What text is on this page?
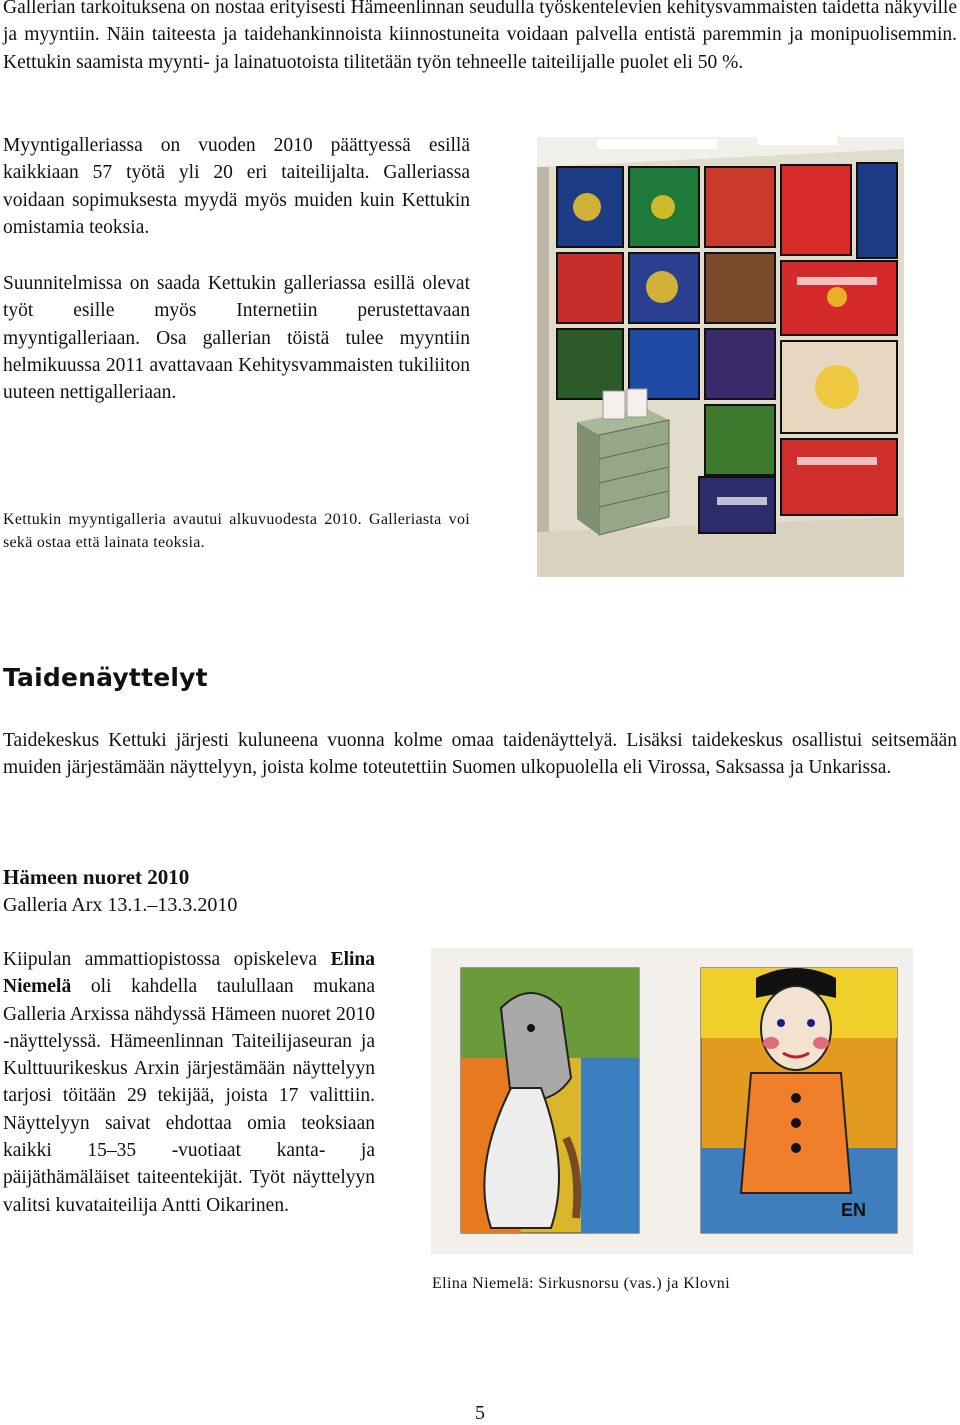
Gallerian tarkoituksena on nostaa erityisesti Hämeenlinnan seudulla työskentelevien kehitysvammaisten taidetta näkyville ja myyntiin. Näin taiteesta ja taidehankinnoista kiinnostuneita voidaan palvella entistä paremmin ja monipuolisemmin. Kettukin saamista myynti- ja lainatuotoista tilitetään työn tehneelle taiteilijalle puolet eli 50 %.
Myyntigalleriassa on vuoden 2010 päättyessä esillä kaikkiaan 57 työtä yli 20 eri taiteilijalta. Galleriassa voidaan sopimuksesta myydä myös muiden kuin Kettukin omistamia teoksia.
Suunnitelmissa on saada Kettukin galleriassa esillä olevat työt esille myös Internetiin perustettavaan myyntigalleriaan. Osa gallerian töistä tulee myyntiin helmikuussa 2011 avattavaan Kehitysvammaisten tukiliiton uuteen nettigalleriaan.
Kettukin myyntigalleria avautui alkuvuodesta 2010. Galleriasta voi sekä ostaa että lainata teoksia.
Taidenäyttelyt
Taidekeskus Kettuki järjesti kuluneena vuonna kolme omaa taidenäyttelyä. Lisäksi taidekeskus osallistui seitsemään muiden järjestämään näyttelyyn, joista kolme toteutettiin Suomen ulkopuolella eli Virossa, Saksassa ja Unkarissa.
Hämeen nuoret 2010
Galleria Arx 13.1.–13.3.2010
Kiipulan ammattiopistossa opiskeleva Elina Niemelä oli kahdella taulullaan mukana Galleria Arxissa nähdyssä Hämeen nuoret 2010 -näyttelyssä. Hämeenlinnan Taiteilijaseuran ja Kulttuurikeskus Arxin järjestämään näyttelyyn tarjosi töitään 29 tekijää, joista 17 valittiin. Näyttelyyn saivat ehdottaa omia teoksiaan kaikki 15–35 -vuotiaat kanta- ja päijäthämäläiset taiteentekijät. Työt näyttelyyn valitsi kuvataiteilija Antti Oikarinen.	EN
Elina Niemelä: Sirkusnorsu (vas.) ja Klovni
5
